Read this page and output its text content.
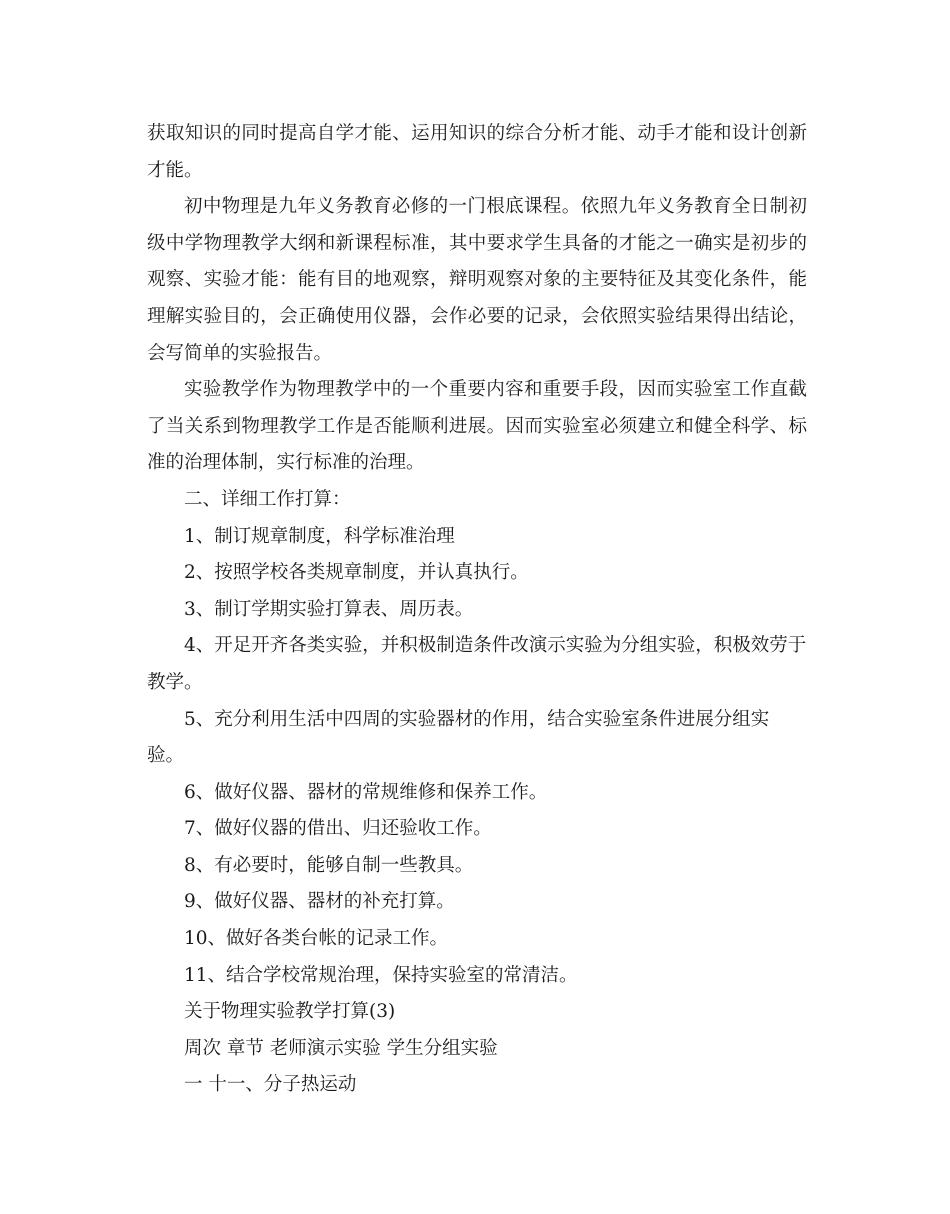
获取知识的同时提高自学才能、运用知识的综合分析才能、动手才能和设计创新才能。

初中物理是九年义务教育必修的一门根底课程。依照九年义务教育全日制初级中学物理教学大纲和新课程标准，其中要求学生具备的才能之一确实是初步的观察、实验才能：能有目的地观察，辩明观察对象的主要特征及其变化条件，能理解实验目的，会正确使用仪器，会作必要的记录，会依照实验结果得出结论，会写简单的实验报告。

实验教学作为物理教学中的一个重要内容和重要手段，因而实验室工作直截了当关系到物理教学工作是否能顺利进展。因而实验室必须建立和健全科学、标准的治理体制，实行标准的治理。

二、详细工作打算：

1、制订规章制度，科学标准治理

2、按照学校各类规章制度，并认真执行。

3、制订学期实验打算表、周历表。

4、开足开齐各类实验，并积极制造条件改演示实验为分组实验，积极效劳于教学。

5、充分利用生活中四周的实验器材的作用，结合实验室条件进展分组实验。

6、做好仪器、器材的常规维修和保养工作。

7、做好仪器的借出、归还验收工作。

8、有必要时，能够自制一些教具。

9、做好仪器、器材的补充打算。

10、做好各类台帐的记录工作。

11、结合学校常规治理，保持实验室的常清洁。

关于物理实验教学打算(3)

周次 章节 老师演示实验 学生分组实验

一 十一、分子热运动
